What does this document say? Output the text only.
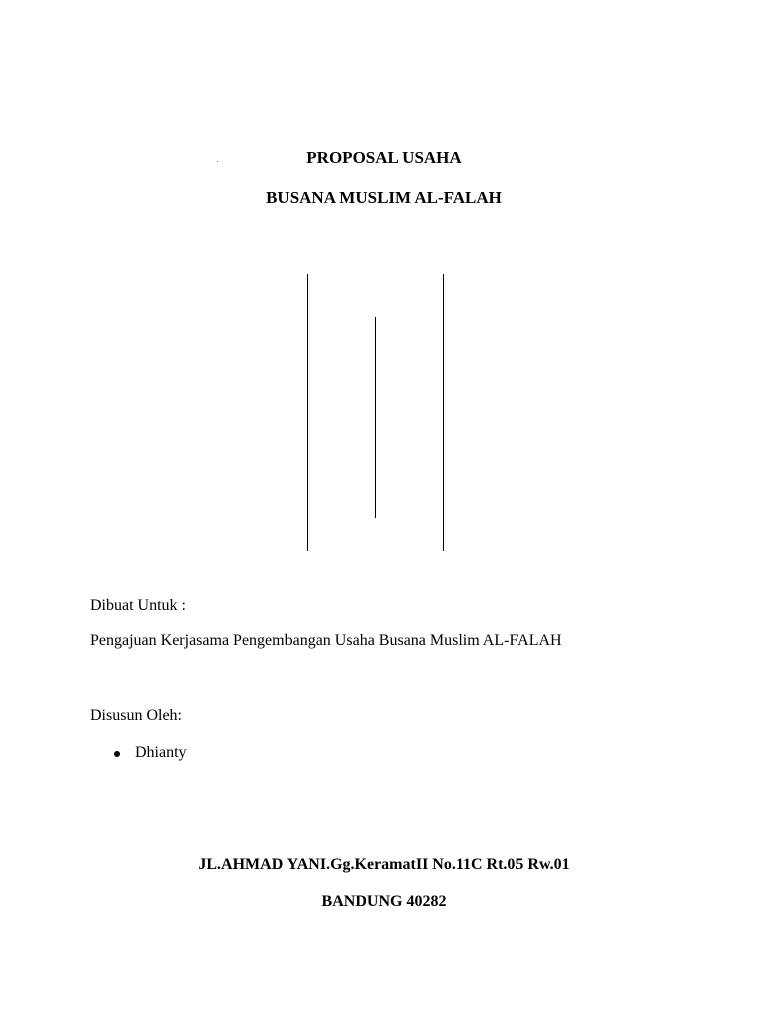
PROPOSAL USAHA
BUSANA MUSLIM AL-FALAH
Dibuat Untuk :
Pengajuan Kerjasama Pengembangan Usaha Busana Muslim AL-FALAH
Disusun Oleh:
Dhianty
JL.AHMAD YANI.Gg.KeramatII No.11C Rt.05 Rw.01
BANDUNG 40282
